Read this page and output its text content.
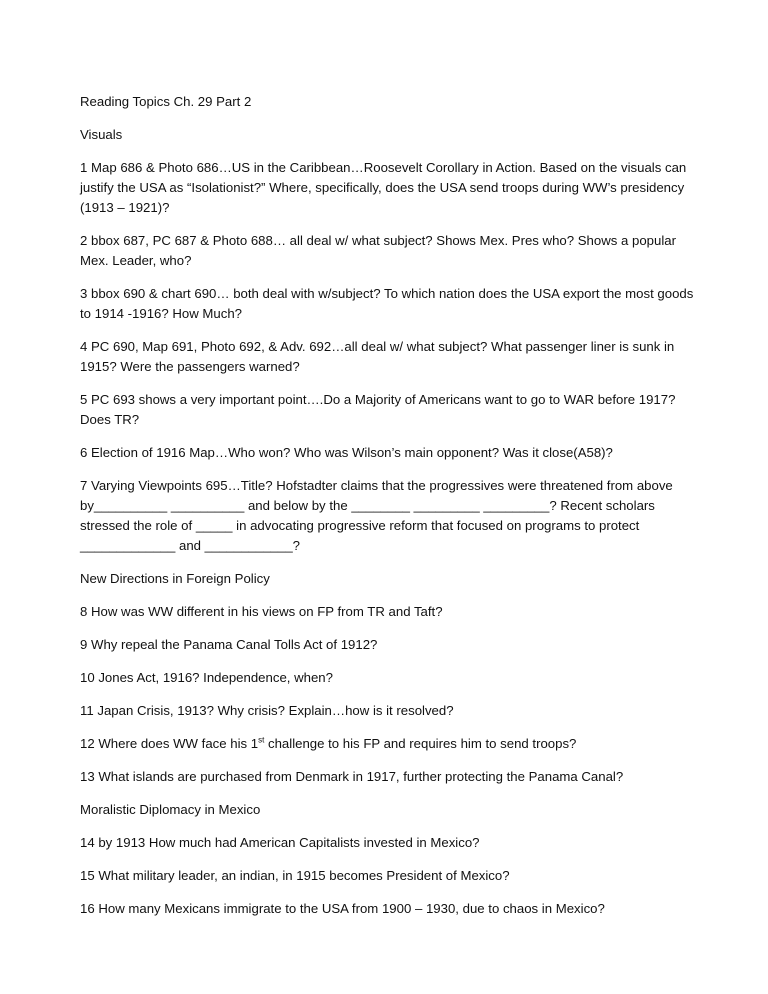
Reading Topics Ch. 29 Part 2

Visuals

1 Map 686 & Photo 686…US in the Caribbean…Roosevelt Corollary in Action. Based on the visuals can justify the USA as “Isolationist?” Where, specifically, does the USA send troops during WW’s presidency (1913 – 1921)?

2 bbox 687, PC 687 & Photo 688… all deal w/ what subject? Shows Mex. Pres who? Shows a popular Mex. Leader, who?

3 bbox 690 & chart 690… both deal with w/subject? To which nation does the USA export the most goods to 1914 -1916? How Much?

4 PC 690, Map 691, Photo 692, & Adv. 692…all deal w/ what subject? What passenger liner is sunk in 1915? Were the passengers warned?

5 PC 693 shows a very important point….Do a Majority of Americans want to go to WAR before 1917? Does TR?

6 Election of 1916 Map…Who won? Who was Wilson’s main opponent? Was it close(A58)?

7 Varying Viewpoints 695…Title? Hofstadter claims that the progressives were threatened from above by__________ __________ and below by the ________ _________ _________? Recent scholars stressed the role of _____ in advocating progressive reform that focused on programs to protect _____________ and ____________?

New Directions in Foreign Policy

8 How was WW different in his views on FP from TR and Taft?

9 Why repeal the Panama Canal Tolls Act of 1912?

10 Jones Act, 1916? Independence, when?

11 Japan Crisis, 1913? Why crisis? Explain…how is it resolved?

12 Where does WW face his 1st challenge to his FP and requires him to send troops?

13 What islands are purchased from Denmark in 1917, further protecting the Panama Canal?

Moralistic Diplomacy in Mexico

14 by 1913 How much had American Capitalists invested in Mexico?

15 What military leader, an indian, in 1915 becomes President of Mexico?

16 How many Mexicans immigrate to the USA from 1900 – 1930, due to chaos in Mexico?
